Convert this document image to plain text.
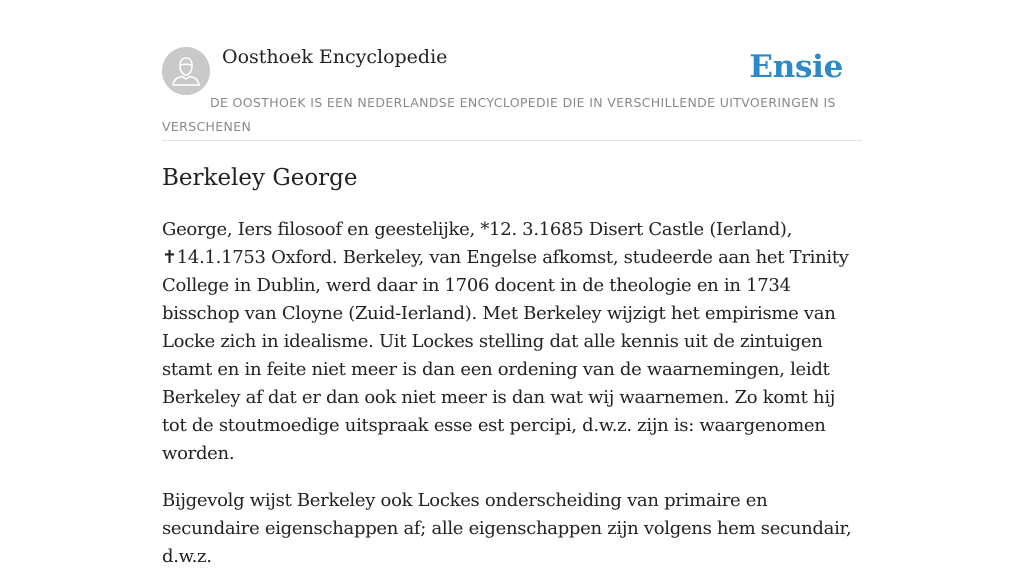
Oosthoek Encyclopedie	Ensie
DE OOSTHOEK IS EEN NEDERLANDSE ENCYCLOPEDIE DIE IN VERSCHILLENDE UITVOERINGEN IS VERSCHENEN
Berkeley George

George, Iers filosoof en geestelijke, *12. 3.1685 Disert Castle (Ierland), ✝14.1.1753 Oxford. Berkeley, van Engelse afkomst, studeerde aan het Trinity College in Dublin, werd daar in 1706 docent in de theologie en in 1734 bisschop van Cloyne (Zuid-Ierland). Met Berkeley wijzigt het empirisme van Locke zich in idealisme. Uit Lockes stelling dat alle kennis uit de zintuigen stamt en in feite niet meer is dan een ordening van de waarnemingen, leidt Berkeley af dat er dan ook niet meer is dan wat wij waarnemen. Zo komt hij tot de stoutmoedige uitspraak esse est percipi, d.w.z. zijn is: waargenomen worden.

Bijgevolg wijst Berkeley ook Lockes onderscheiding van primaire en secundaire eigenschappen af; alle eigenschappen zijn volgens hem secundair, d.w.z.
